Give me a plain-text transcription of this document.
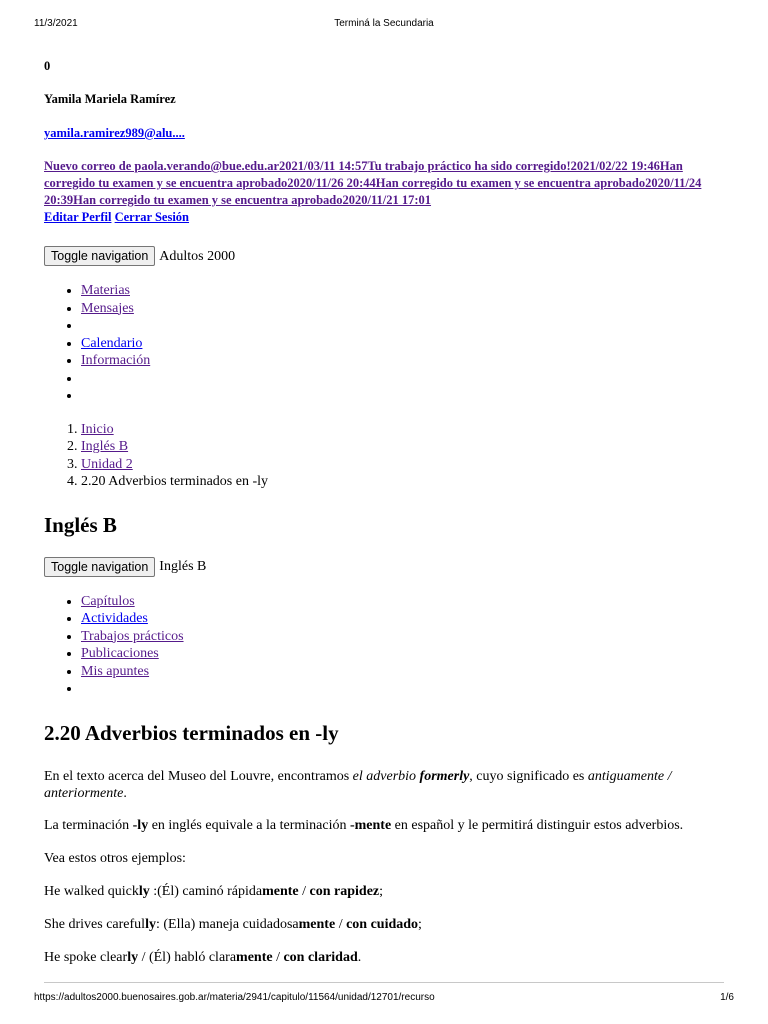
11/3/2021	Terminá la Secundaria
0
Yamila Mariela Ramírez
yamila.ramirez989@alu....
Nuevo correo de paola.verando@bue.edu.ar2021/03/11 14:57Tu trabajo práctico ha sido corregido!2021/02/22 19:46Han corregido tu examen y se encuentra aprobado2020/11/26 20:44Han corregido tu examen y se encuentra aprobado2020/11/24 20:39Han corregido tu examen y se encuentra aprobado2020/11/21 17:01
Editar Perfil Cerrar Sesión
Toggle navigation Adultos 2000
• Materias
• Mensajes
•
• Calendario
• Información
•
•
1. Inicio
2. Inglés B
3. Unidad 2
4. 2.20 Adverbios terminados en -ly
Inglés B
Toggle navigation Inglés B
• Capítulos
• Actividades
• Trabajos prácticos
• Publicaciones
• Mis apuntes
•
2.20 Adverbios terminados en -ly

En el texto acerca del Museo del Louvre, encontramos el adverbio formerly, cuyo significado es antiguamente / anteriormente.

La terminación -ly en inglés equivale a la terminación -mente en español y le permitirá distinguir estos adverbios.

Vea estos otros ejemplos:

He walked quickly :(Él) caminó rápidamente / con rapidez;

She drives carefully: (Ella) maneja cuidadosamente / con cuidado;

He spoke clearly / (Él) habló claramente / con claridad.

https://adultos2000.buenosaires.gob.ar/materia/2941/capitulo/11564/unidad/12701/recurso	1/6
